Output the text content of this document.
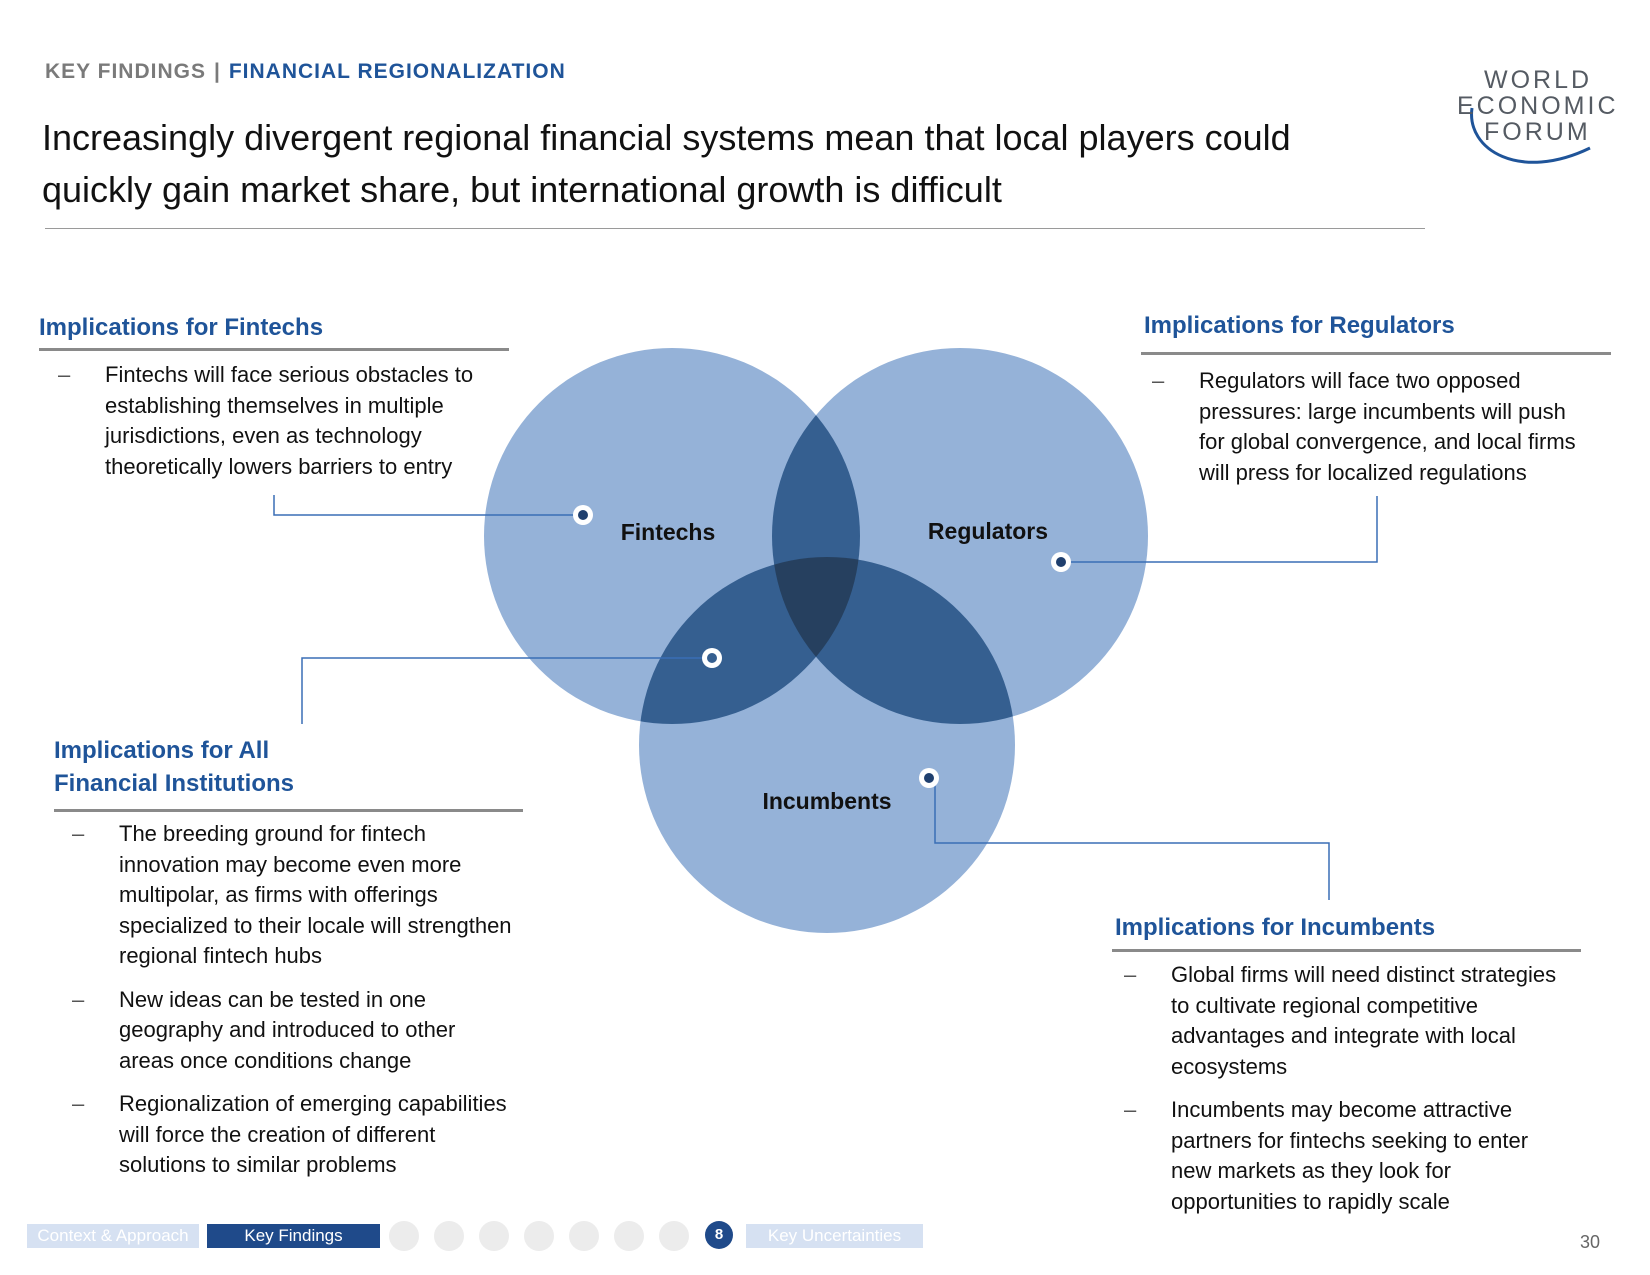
KEY FINDINGS | FINANCIAL REGIONALIZATION
Increasingly divergent regional financial systems mean that local players could quickly gain market share, but international growth is difficult
WORLD
ECONOMIC
FORUM
Fintechs	Regulators
Incumbents
Implications for Fintechs
–	Fintechs will face serious obstacles to establishing themselves in multiple jurisdictions, even as technology theoretically lowers barriers to entry
Implications for Regulators
–	Regulators will face two opposed pressures: large incumbents will push for global convergence, and local firms will press for localized regulations
Implications for All
Financial Institutions
–	The breeding ground for fintech innovation may become even more multipolar, as firms with offerings specialized to their locale will strengthen regional fintech hubs
–	New ideas can be tested in one geography and introduced to other areas once conditions change
–	Regionalization of emerging capabilities will force the creation of different solutions to similar problems
Implications for Incumbents
–	Global firms will need distinct strategies to cultivate regional competitive advantages and integrate with local ecosystems
–	Incumbents may become attractive partners for fintechs seeking to enter new markets as they look for opportunities to rapidly scale
Context & Approach	Key Findings	8	Key Uncertainties	30
